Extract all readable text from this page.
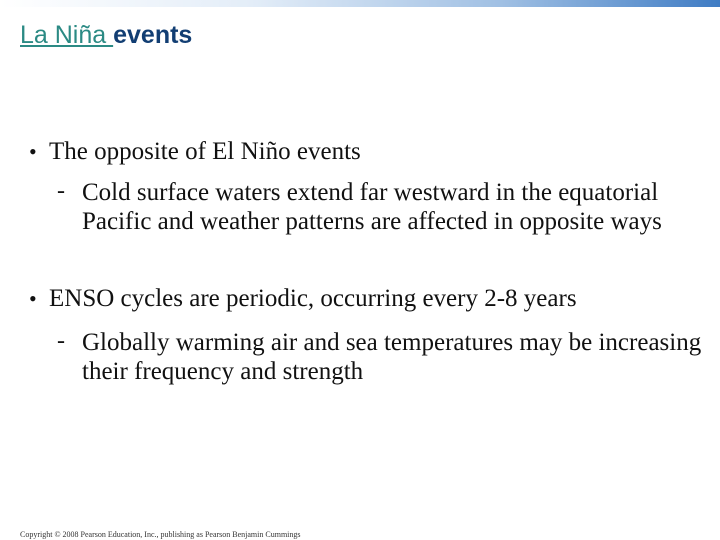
La Niña events
• The opposite of El Niño events
- Cold surface waters extend far westward in the equatorial Pacific and weather patterns are affected in opposite ways
• ENSO cycles are periodic, occurring every 2-8 years
- Globally warming air and sea temperatures may be increasing their frequency and strength
Copyright © 2008 Pearson Education, Inc., publishing as Pearson Benjamin Cummings
